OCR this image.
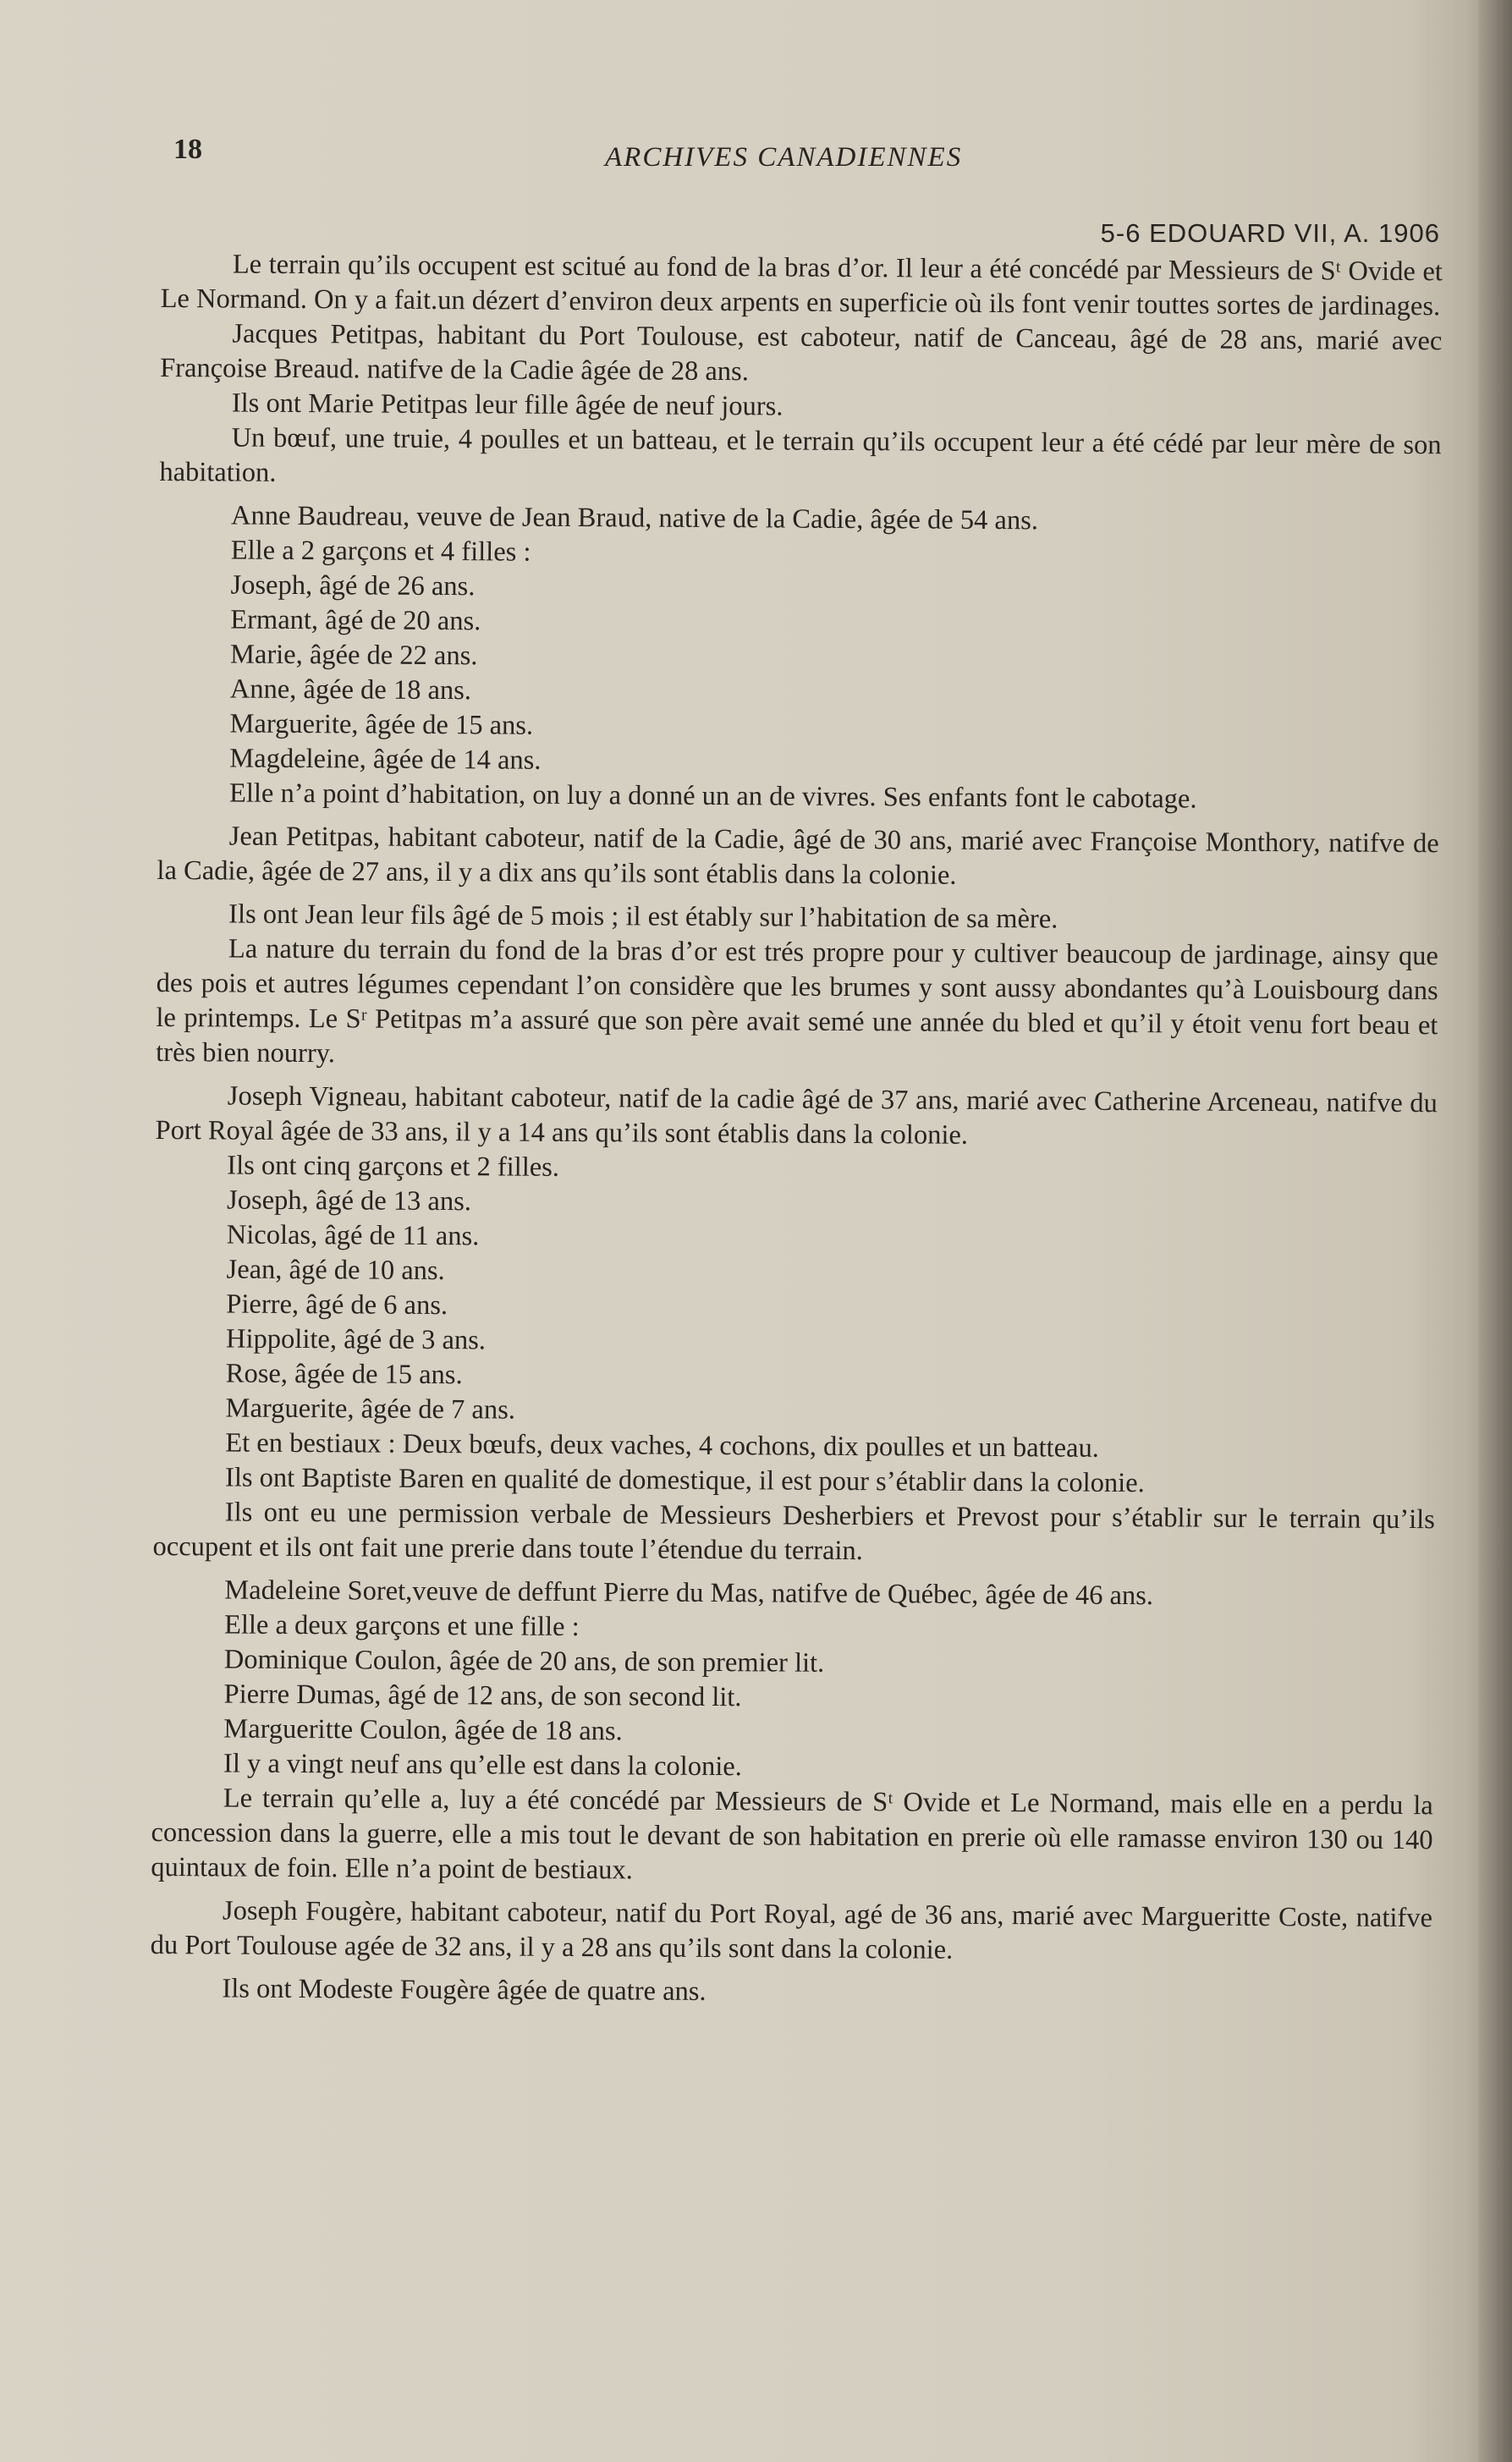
18	ARCHIVES CANADIENNES
5-6 EDOUARD VII, A. 1906

Le terrain qu’ils occupent est scitué au fond de la bras d’or. Il leur a été concédé par Messieurs de Sᵗ Ovide et Le Normand. On y a fait.un dézert d’environ deux arpents en superficie où ils font venir touttes sortes de jardinages.

Jacques Petitpas, habitant du Port Toulouse, est caboteur, natif de Canceau, âgé de 28 ans, marié avec Françoise Breaud. natifve de la Cadie âgée de 28 ans.

Ils ont Marie Petitpas leur fille âgée de neuf jours.

Un bœuf, une truie, 4 poulles et un batteau, et le terrain qu’ils occupent leur a été cédé par leur mère de son habitation.

Anne Baudreau, veuve de Jean Braud, native de la Cadie, âgée de 54 ans.

Elle a 2 garçons et 4 filles :

Joseph, âgé de 26 ans.

Ermant, âgé de 20 ans.

Marie, âgée de 22 ans.

Anne, âgée de 18 ans.

Marguerite, âgée de 15 ans.

Magdeleine, âgée de 14 ans.

Elle n’a point d’habitation, on luy a donné un an de vivres. Ses enfants font le cabotage.

Jean Petitpas, habitant caboteur, natif de la Cadie, âgé de 30 ans, marié avec Françoise Monthory, natifve de la Cadie, âgée de 27 ans, il y a dix ans qu’ils sont établis dans la colonie.

Ils ont Jean leur fils âgé de 5 mois ; il est étably sur l’habitation de sa mère.

La nature du terrain du fond de la bras d’or est trés propre pour y cultiver beaucoup de jardinage, ainsy que des pois et autres légumes cependant l’on considère que les brumes y sont aussy abondantes qu’à Louisbourg dans le printemps. Le Sʳ Petitpas m’a assuré que son père avait semé une année du bled et qu’il y étoit venu fort beau et très bien nourry.

Joseph Vigneau, habitant caboteur, natif de la cadie âgé de 37 ans, marié avec Catherine Arceneau, natifve du Port Royal âgée de 33 ans, il y a 14 ans qu’ils sont établis dans la colonie.

Ils ont cinq garçons et 2 filles.

Joseph, âgé de 13 ans.

Nicolas, âgé de 11 ans.

Jean, âgé de 10 ans.

Pierre, âgé de 6 ans.

Hippolite, âgé de 3 ans.

Rose, âgée de 15 ans.

Marguerite, âgée de 7 ans.

Et en bestiaux : Deux bœufs, deux vaches, 4 cochons, dix poulles et un batteau.

Ils ont Baptiste Baren en qualité de domestique, il est pour s’établir dans la colonie.

Ils ont eu une permission verbale de Messieurs Desherbiers et Prevost pour s’établir sur le terrain qu’ils occupent et ils ont fait une prerie dans toute l’étendue du terrain.

Madeleine Soret,veuve de deffunt Pierre du Mas, natifve de Québec, âgée de 46 ans.

Elle a deux garçons et une fille :

Dominique Coulon, âgée de 20 ans, de son premier lit.

Pierre Dumas, âgé de 12 ans, de son second lit.

Margueritte Coulon, âgée de 18 ans.

Il y a vingt neuf ans qu’elle est dans la colonie.

Le terrain qu’elle a, luy a été concédé par Messieurs de Sᵗ Ovide et Le Normand, mais elle en a perdu la concession dans la guerre, elle a mis tout le devant de son habitation en prerie où elle ramasse environ 130 ou 140 quintaux de foin. Elle n’a point de bestiaux.

Joseph Fougère, habitant caboteur, natif du Port Royal, agé de 36 ans, marié avec Margueritte Coste, natifve du Port Toulouse agée de 32 ans, il y a 28 ans qu’ils sont dans la colonie.

Ils ont Modeste Fougère âgée de quatre ans.
